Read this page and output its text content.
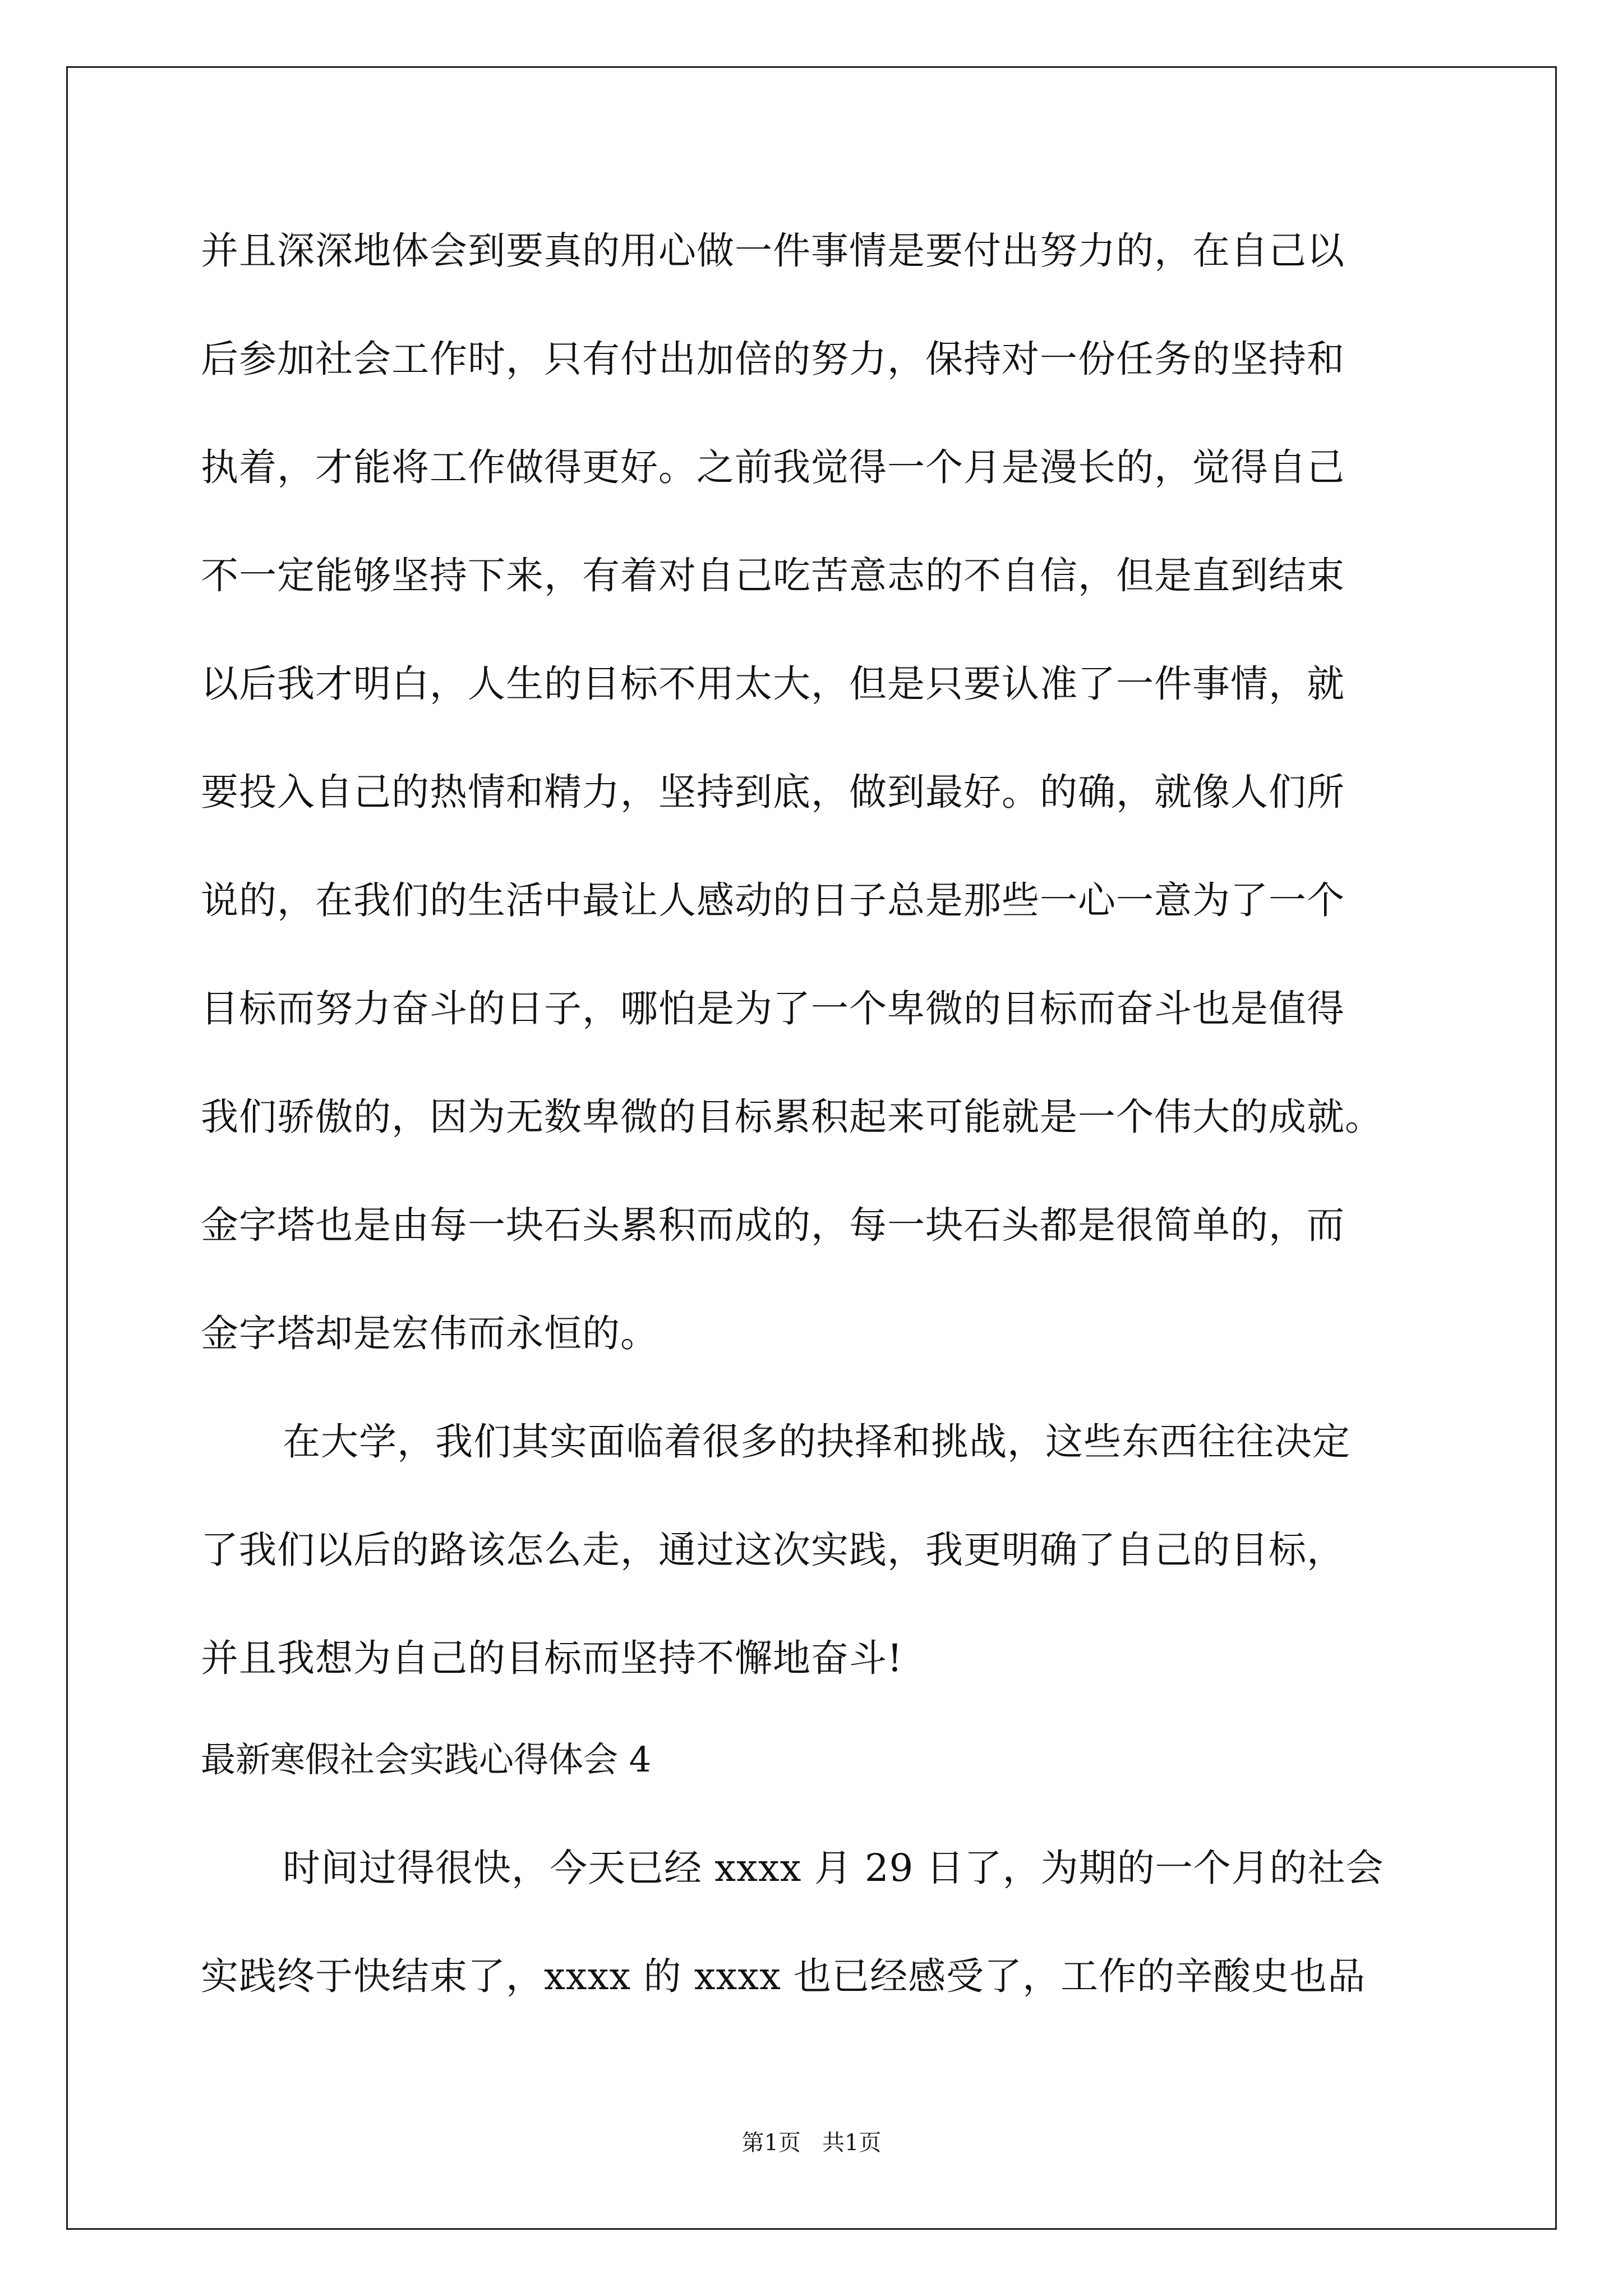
并且深深地体会到要真的用心做一件事情是要付出努力的，在自己以

后参加社会工作时，只有付出加倍的努力，保持对一份任务的坚持和

执着，才能将工作做得更好。之前我觉得一个月是漫长的，觉得自己

不一定能够坚持下来，有着对自己吃苦意志的不自信，但是直到结束

以后我才明白，人生的目标不用太大，但是只要认准了一件事情，就

要投入自己的热情和精力，坚持到底，做到最好。的确，就像人们所

说的，在我们的生活中最让人感动的日子总是那些一心一意为了一个

目标而努力奋斗的日子，哪怕是为了一个卑微的目标而奋斗也是值得

我们骄傲的，因为无数卑微的目标累积起来可能就是一个伟大的成就。

金字塔也是由每一块石头累积而成的，每一块石头都是很简单的，而

金字塔却是宏伟而永恒的。

在大学，我们其实面临着很多的抉择和挑战，这些东西往往决定

了我们以后的路该怎么走，通过这次实践，我更明确了自己的目标，

并且我想为自己的目标而坚持不懈地奋斗!

最新寒假社会实践心得体会 4

时间过得很快，今天已经 xxxx 月 29 日了，为期的一个月的社会

实践终于快结束了，xxxx 的 xxxx 也已经感受了，工作的辛酸史也品

第1页   共1页
